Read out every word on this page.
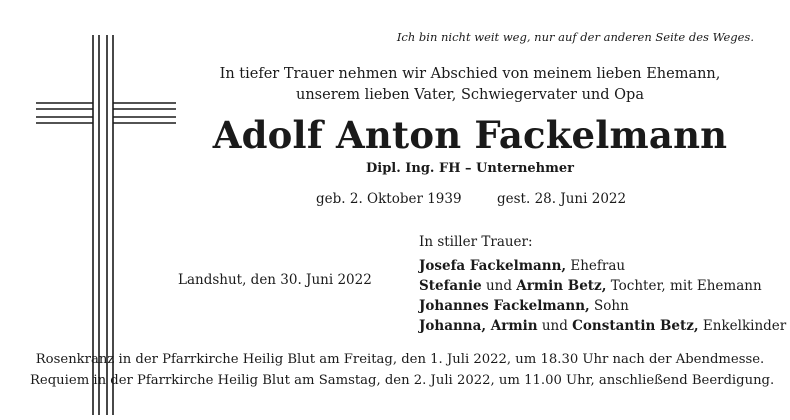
Ich bin nicht weit weg, nur auf der anderen Seite des Weges.
In tiefer Trauer nehmen wir Abschied von meinem lieben Ehemann,
unserem lieben Vater, Schwiegervater und Opa
Adolf Anton Fackelmann
Dipl. Ing. FH – Unternehmer
geb. 2. Oktober 1939	gest. 28. Juni 2022
Landshut, den 30. Juni 2022
In stiller Trauer:
Josefa Fackelmann, Ehefrau
Stefanie und Armin Betz, Tochter, mit Ehemann
Johannes Fackelmann, Sohn
Johanna, Armin und Constantin Betz, Enkelkinder
Rosenkranz in der Pfarrkirche Heilig Blut am Freitag, den 1. Juli 2022, um 18.30 Uhr nach der Abendmesse.
Requiem in der Pfarrkirche Heilig Blut am Samstag, den 2. Juli 2022, um 11.00 Uhr, anschließend Beerdigung.
